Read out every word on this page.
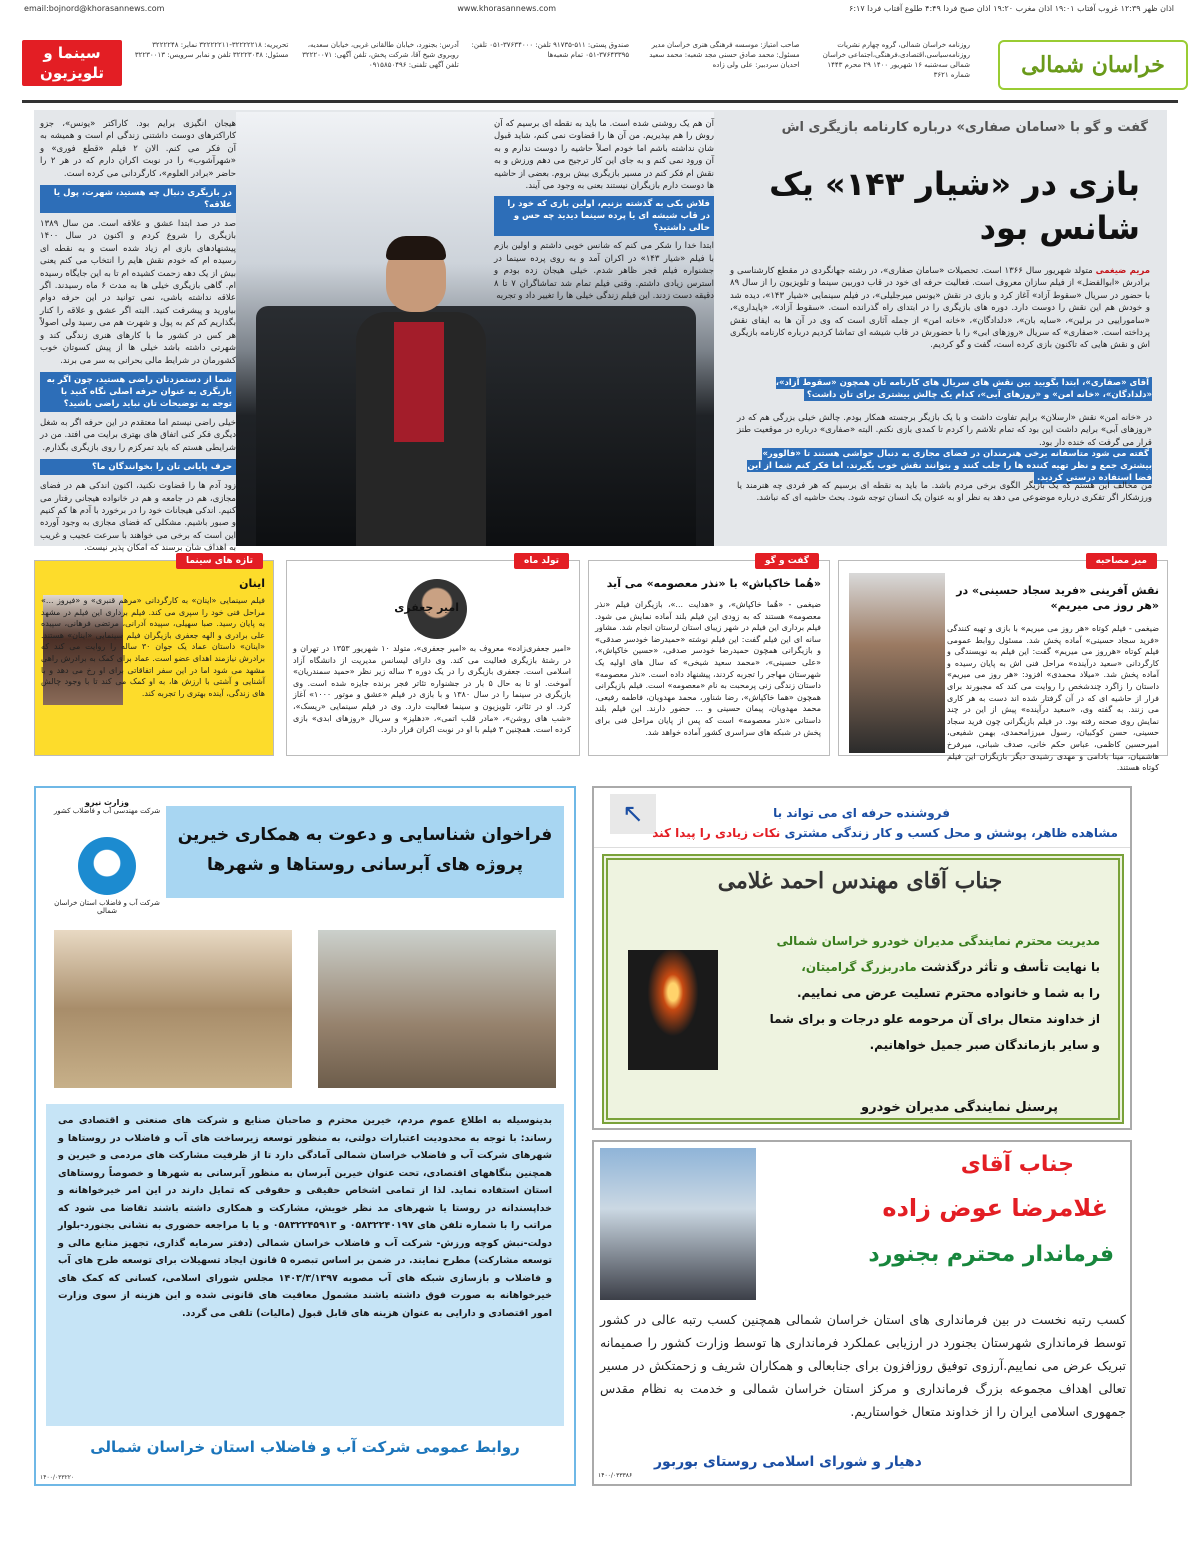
اذان ظهر ۱۲:۳۹ غروب آفتاب ۱۹:۰۱ اذان مغرب ۱۹:۲۰ اذان صبح فردا ۴:۴۹ طلوع آفتاب فردا ۶:۱۷
www.khorasannews.com
email:bojnord@khorasannews.com
خراسان شمالی
روزنامه خراسان شمالی، گروه چهارم نشریات روزنامه‌سیاسی،اقتصادی،فرهنگی،اجتماعی خراسان شمالی سه‌شنبه ۱۶ شهریور ۱۴۰۰ ۲۹ محرم ۱۴۴۳ شماره ۳۶۲۱
صاحب امتیاز: موسسه فرهنگی هنری خراسان مدیر مسئول: محمد صادق حسنی مجد شعبه: محمد سعید احدیان سردبیر: علی ولی زاده
صندوق پستی: ۵۱۱-۹۱۷۳۵ تلفن: ۳۷۶۳۴۰۰۰-۰۵۱ تلفن: ۳۷۶۴۳۳۹۵-۰۵۱ تمام شعبه‌ها
آدرس: بجنورد، خیابان طالقانی غربی، خیابان سعدیه، روبروی شیخ آقا، شرکت پخش، تلفن آگهی: ۳۲۲۲۰۰۷۱ تلفن آگهی تلفنی: ۰۹۱۵۸۵۰۴۹۶
تحریریه: ۳۲۲۲۲۲۱۸-۳۲۲۲۲۲۱۱ نمابر: ۳۲۲۲۲۴۸ مسئول: ۳۲۲۲۳۰۳۸ تلفن و نمابر سرویس: ۳۲۲۳۰۰۱۳
سینما و تلویزیون
گفت و گو با «سامان صفاری» درباره کارنامه بازیگری اش
بازی در «شیار ۱۴۳» یک شانس بود
مریم ضیغمی متولد شهریور سال ۱۳۶۶ است. تحصیلات «سامان صفاری»، در رشته جهانگردی در مقطع کارشناسی و برادرش «ابوالفضل» از فیلم سازان معروف است. فعالیت حرفه ای خود در قاب دوربین سینما و تلویزیون را از سال ۸۹ با حضور در سریال «سقوط آزاد» آغاز کرد و بازی در نقش «یونس میرجلیلی»، در فیلم سینمایی «شیار ۱۴۳»، دیده شد و خودش هم این نقش را دوست دارد. دوره های بازیگری را در ابتدای راه گذرانده است. «سقوط آزاد»، «پایداری»، «ساموراییی در برلین»، «سایه بان»، «دلدادگان»، «خانه امن» از جمله آثاری است که وی در آن ها به ایفای نقش پرداخته است. «صفاری» که سریال «روزهای ابی» را با حضورش در قاب شیشه ای تماشا کردیم درباره کارنامه بازیگری اش و نقش هایی که تاکنون بازی کرده است، گفت و گو کردیم.
آقای «صفاری»، ابتدا بگویید بین نقش های سریال های کارنامه تان همچون «سقوط آزاد»، «دلدادگان»، «خانه امن» و «روزهای آبی»، کدام یک چالش بیشتری برای تان داشت؟
در «خانه امن» نقش «ارسلان» برایم تفاوت داشت و با یک بازیگر برجسته همکار بودم. چالش خیلی بزرگی هم که در «روزهای آبی» برایم داشت این بود که تمام تلاشم را کردم تا کمدی بازی نکنم. البته «صفاری» درباره در موقعیت طنز قرار می گرفت که خنده دار بود.
گفته می شود متاسفانه برخی هنرمندان در فضای مجازی به دنبال حواشی هستند تا «فالوور» بیشتری جمع و نظر تهیه کننده ها را جلب کنند و بتوانند نقش خوب بگیرند. اما فکر کنم شما از این فضا استفاده درستی کردید.
من مخالف این هستم که یک بازیگر الگوی برخی مردم باشد. ما باید به نقطه ای برسیم که هر فردی چه هنرمند یا ورزشکار اگر تفکری درباره موضوعی می دهد به نظر او به عنوان یک انسان توجه شود. بحث حاشیه ای که نباشد.
آن هم یک روشنی شده است. ما باید به نقطه ای برسیم که آن روش را هم بپذیریم. من آن ها را قضاوت نمی کنم، شاید قبول شان نداشته باشم اما خودم اصلاً حاشیه را دوست ندارم و به آن ورود نمی کنم و به جای این کار ترجیح می دهم ورزش و به نقش ام فکر کنم در مسیر بازیگری بیش بروم. بعضی از حاشیه ها دوست دارم بازیگران نیستند بعنی به وجود می آیند.
فلاش بکی به گذشته بزنیم، اولین بازی که خود را در قاب شیشه ای یا پرده سینما دیدید چه حس و حالی داشتید؟
ابتدا خدا را شکر می کنم که شانس خوبی داشتم و اولین بازم با فیلم «شیار ۱۴۳» در اکران آمد و به روی پرده سینما در جشنواره فیلم فجر ظاهر شدم. خیلی هیجان زده بودم و استرس زیادی داشتم. وقتی فیلم تمام شد تماشاگران ۷ تا ۸ دقیقه دست زدند. این فیلم زندگی خیلی ها را تغییر داد و تجربه
هیجان انگیزی برایم بود. کاراکتر «یونس»، جزو کاراکترهای دوست داشتنی زندگی ام است و همیشه به آن فکر می کنم. الان ۲ فیلم «قطع فوری» و «شهرآشوب» را در نوبت اکران دارم که در هر ۲ را حاضر «برادر العلوم»، کارگردانی می کرده است.
در بازیگری دنبال چه هستید، شهرت، پول یا علاقه؟
صد در صد ابتدا عشق و علاقه است. من سال ۱۳۸۹ بازیگری را شروع کردم و اکنون در سال ۱۴۰۰ پیشنهادهای بازی ام زیاد شده است و به نقطه ای رسیده ام که خودم نقش هایم را انتخاب می کنم یعنی بیش از یک دهه زحمت کشیده ام تا به این جایگاه رسیده ام. گاهی بازیگری خیلی ها به مدت ۶ ماه رسیدند. اگر علاقه نداشته باشی، نمی توانید در این حرفه دوام بیاورید و پیشرفت کنید. البته اگر عشق و علاقه را کنار بگذاریم کم کم به پول و شهرت هم می رسید ولی اصولاً هر کس در کشور ما با کارهای هنری زندگی کند و شهرتی داشته باشد خیلی ها از پیش کسوتان خوب کشورمان در شرایط مالی بحرانی به سر می برند.
شما از دستمزدتان راضی هستید، چون اگر به بازیگری به عنوان حرفه اصلی نگاه کنید با توجه به توضیحات تان نباید راضی باشید؟
خیلی راضی نیستم اما معتقدم در این حرفه اگر به شغل دیگری فکر کنی اتفاق های بهتری برایت می افتد. من در شرایطی هستم که باید تمرکزم را روی بازیگری بگذارم.
حرف پایانی تان را بخوانندگان ما؟
زود آدم ها را قضاوت نکنید، اکنون اندکی هم در فضای مجازی، هم در جامعه و هم در خانواده هیجانی رفتار می کنیم. اندکی هیجانات خود را در برخورد با آدم ها کم کنیم و صبور باشیم. مشکلی که فضای مجازی به وجود آورده این است که برخی می خواهند با سرعت عجیب و غریب به اهداف شان برسند که امکان پذیر نیست.
میز مصاحبه
نقش آفرینی «فرید سجاد حسینی» در «هر روز می میریم»
ضیغمی - فیلم کوتاه «هر روز می میریم» با بازی و تهیه کنندگی «فرید سجاد حسینی» آماده پخش شد. مسئول روابط عمومی فیلم کوتاه «هرروز می میریم» گفت: این فیلم به نویسندگی و کارگردانی «سعید درآینده» مراحل فنی اش به پایان رسیده و آماده پخش شد. «میلاد محمدی» افزود: «هر روز می میریم» داستان را زاگرد چندشخص را روایت می کند که مجبورند برای فرار از حاشیه ای که در آن گرفتار شده اند دست به هر کاری می زنند. به گفته وی، «سعید درآینده» پیش از این در چند نمایش روی صحنه رفته بود. در فیلم بازیگرانی چون فرید سجاد حسینی، حسن کوکبیان، رسول میرزامحمدی، بهمن شفیعی، امیرحسین کاظمی، عباس حکم خانی، صدف شبانی، میرفرخ هاشمیان، مینا بادامی و مهدی رشیدی دیگر بازیگران این فیلم کوتاه هستند.
گفت و گو
«هُما خاکپاش» با «نذر معصومه» می آید
ضیغمی - «هُما خاکپاش»، و «هدایت ...»، بازیگران فیلم «نذر معصومه» هستند که به زودی این فیلم بلند آماده نمایش می شود. فیلم برداری این فیلم در شهر زیبای استان لرستان انجام شد. مشاور سانه ای این فیلم گفت: این فیلم نوشته «حمیدرضا خودسر صدقی» و بازیگرانی همچون حمیدرضا خودسر صدقی، «حسین خاکپاش»، «علی حسینی»، «محمد سعید شیخی» که سال های اولیه یک شهرستان مهاجر را تجربه کردند، پیشنهاد داده است. «نذر معصومه» داستان زندگی زنی پرمحبت به نام «معصومه» است. فیلم بازیگرانی همچون «هما خاکپاش»، رضا شناور، محمد مهدویان، فاطمه رفیعی، محمد مهدویان، پیمان حسینی و ... حضور دارند. این فیلم بلند داستانی «نذر معصومه» است که پس از پایان مراحل فنی برای پخش در شبکه های سراسری کشور آماده خواهد شد.
تولد ماه
امیر جعفری
«امیر جعفری‌زاده» معروف به «امیر جعفری»، متولد ۱۰ شهریور ۱۳۵۳ در تهران و در رشتهٔ بازیگری فعالیت می کند. وی دارای لیسانس مدیریت از دانشگاه آزاد اسلامی است. جعفری بازیگری را در یک دوره ۳ ساله زیر نظر «حمید سمندریان» آموخت. او تا به حال ۵ بار در جشنواره تئاتر فجر برنده جایزه شده است. وی بازیگری در سینما را در سال ۱۳۸۰ و با بازی در فیلم «عشق و موتور ۱۰۰۰» آغاز کرد. او در تئاتر، تلویزیون و سینما فعالیت دارد. وی در فیلم سینمایی «ریسک»، «شب های روشن»، «مادر قلب اتمی»، «دهلیز» و سریال «روزهای ابدی» بازی کرده است. همچنین ۳ فیلم با او در نوبت اکران قرار دارد.
تازه های سینما
اینان
فیلم سینمایی «اینان» به کارگردانی «مرهم قنبری» و «فیروز ...» مراحل فنی خود را سپری می کند. فیلم برداری این فیلم در مشهد به پایان رسید. صبا سهیلی، سپیده آدرانی، مرتضی فرهانی، سپیده علی برادری و الهه جعفری بازیگران فیلم سینمایی «اینان» هستند. «اینان» داستان عماد یک جوان ۳۰ ساله را روایت می کند که برادرش نیازمند اهدای عضو است. عماد برای کمک به برادرش راهی مشهد می شود اما در این سفر اتفاقاتی برای او رخ می دهد و با آشنایی و آشتی با ارزش ها، به او کمک می کند تا با وجود چالش های زندگی، آینده بهتری را تجربه کند.
وزارت نیرو
شرکت مهندسی آب و فاضلاب کشور
شرکت آب و فاضلاب استان خراسان شمالی
فراخوان شناسایی و دعوت به همکاری خیرین پروژه های آبرسانی روستاها و شهرها
بدینوسیله به اطلاع عموم مردم، خیرین محترم و صاحبان صنایع و شرکت های صنعتی و اقتصادی می رساند: با توجه به محدودیت اعتبارات دولتی، به منظور توسعه زیرساخت های آب و فاضلاب در روستاها و شهرهای شرکت آب و فاضلاب خراسان شمالی آمادگی دارد تا از ظرفیت مشارکت های مردمی و خیرین و همچنین بنگاههای اقتصادی، تحت عنوان خیرین آبرسان به منظور آبرسانی به شهرها و خصوصاً روستاهای استان استفاده نماید. لذا از تمامی اشخاص حقیقی و حقوقی که تمایل دارند در این امر خیرخواهانه و خداپسندانه در روستا یا شهرهای مد نظر خویش، مشارکت و همکاری داشته باشند تقاضا می شود که مراتب را با شماره تلفن های ۰۵۸۳۲۲۴۰۱۹۷ و ۰۵۸۳۲۲۴۵۹۱۳ و یا با مراجعه حضوری به نشانی بجنورد-بلوار دولت-نبش کوچه ورزش- شرکت آب و فاضلاب خراسان شمالی (دفتر سرمایه گذاری، تجهیز منابع مالی و توسعه مشارکت) مطرح نمایند. در ضمن بر اساس تبصره ۵ قانون ایجاد تسهیلات برای توسعه طرح های آب و فاضلاب و بازسازی شبکه های آب مصوبه ۱۴۰۳/۳/۱۳۹۷ مجلس شورای اسلامی، کسانی که کمک های خیرخواهانه به صورت فوق داشته باشند مشمول معافیت های قانونی شده و این هزینه از سوی وزارت امور اقتصادی و دارایی به عنوان هزینه های قابل قبول (مالیات) تلقی می گردد.
روابط عمومی شرکت آب و فاضلاب استان خراسان شمالی
۱۴۰۰/۰۳۳۲۲۰
↖	فروشنده حرفه ای می تواند با
مشاهده ظاهر، پوشش و محل کسب و کار زندگی مشتری نکات زیادی را پیدا کند
جناب آقای مهندس احمد غلامی
مدیریت محترم نمایندگی مدیران خودرو خراسان شمالی
با نهایت تأسف و تأثر درگذشت مادربزرگ گرامیتان،
را به شما و خانواده محترم تسلیت عرض می نماییم.
از خداوند متعال برای آن مرحومه علو درجات و برای شما
و سایر بازماندگان صبر جمیل خواهانیم.
پرسنل نمایندگی مدیران خودرو
جناب آقای
غلامرضا عوض زاده
فرماندار محترم بجنورد
کسب رتبه نخست در بین فرمانداری های استان خراسان شمالی همچنین کسب رتبه عالی در کشور توسط فرمانداری شهرستان بجنورد در ارزیابی عملکرد فرمانداری ها توسط وزارت کشور را صمیمانه تبریک عرض می نماییم.آرزوی توفیق روزافزون برای جنابعالی و همکاران شریف و زحمتکش در مسیر تعالی اهداف مجموعه بزرگ فرمانداری و مرکز استان خراسان شمالی و خدمت به نظام مقدس جمهوری اسلامی ایران را از خداوند متعال خواستاریم.
دهیار و شورای اسلامی روستای بوربور
۱۴۰۰/۰۳۳۳۸۶
